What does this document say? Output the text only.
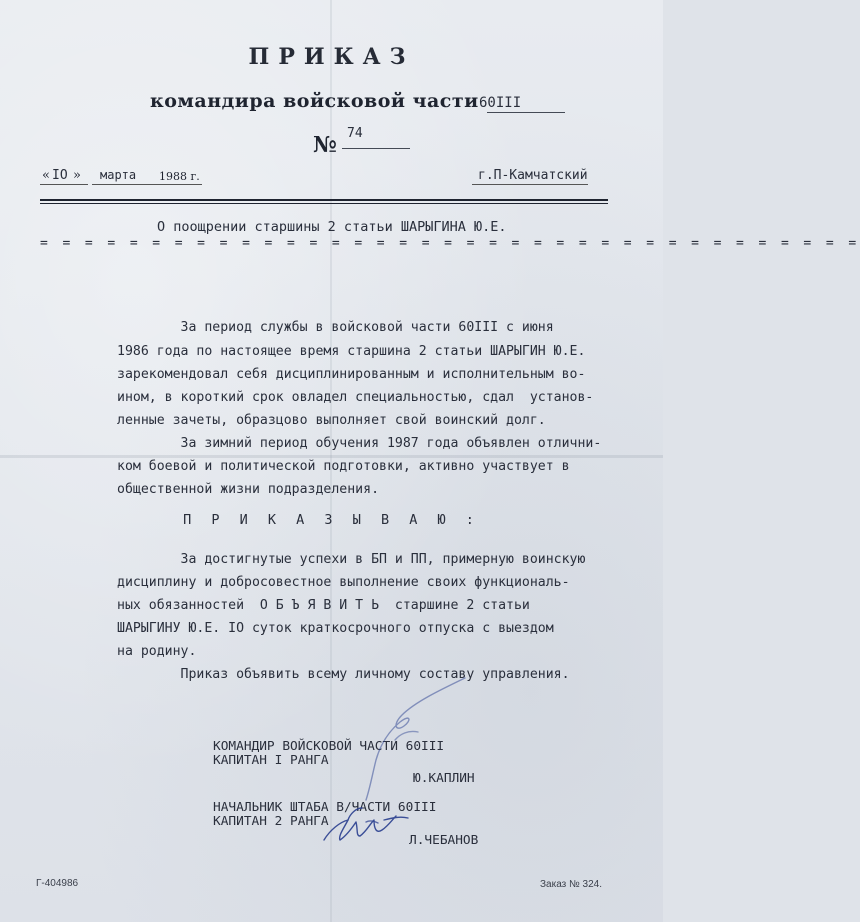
ПРИКАЗ
командира войсковой части 60III
№ 74
« IO » марта 1988 г.	г.П-Камчатский
О поощрении старшины 2 статьи ШАРЫГИНА Ю.Е.
= = = = = = = = = = = = = = = = = = = = = = = = = = = = = = = = = = = = =
За период службы в войсковой части 60III с июня
1986 года по настоящее время старшина 2 статьи ШАРЫГИН Ю.Е.
зарекомендовал себя дисциплинированным и исполнительным во-
ином, в короткий срок овладел специальностью, сдал  установ-
ленные зачеты, образцово выполняет свой воинский долг.
За зимний период обучения 1987 года объявлен отлични-
ком боевой и политической подготовки, активно участвует в
общественной жизни подразделения.
П Р И К А З Ы В А Ю :
За достигнутые успехи в БП и ПП, примерную воинскую
дисциплину и добросовестное выполнение своих функциональ-
ных обязанностей  О Б Ъ Я В И Т Ь  старшине 2 статьи
ШАРЫГИНУ Ю.Е. IO суток краткосрочного отпуска с выездом
на родину.
Приказ объявить всему личному составу управления.
КОМАНДИР ВОЙСКОВОЙ ЧАСТИ 60III
КАПИТАН I РАНГА
Ю.КАПЛИН
НАЧАЛЬНИК ШТАБА В/ЧАСТИ 60III
КАПИТАН 2 РАНГА
Л.ЧЕБАНОВ
Г-404986	Заказ № 324.
